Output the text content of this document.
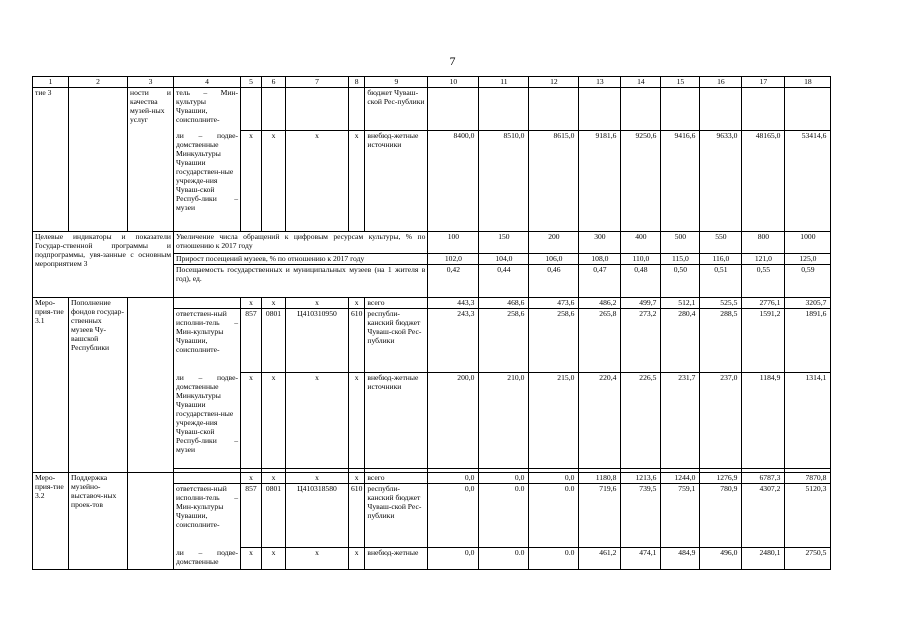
7
1	2	3	4	5	6	7	8	9	10	11	12	13	14	15	16	17	18
тие 3		ности и качества музей-ных услуг	тель – Мин-культуры Чувашии, соисполните-					бюджет Чуваш-ской Рес-публики									
			ли – подве-домственные Минкультуры Чувашии государствен-ные учрежде-ния Чуваш-ской Респуб-лики – музеи	x	x	x	x	внебюд-жетные источники	8400,0	8510,0	8615,0	9181,6	9250,6	9416,6	9633,0	48165,0	53414,6
Целевые индикаторы и показатели Государ-ственной программы и подпрограммы, увя-занные с основным мероприятием 3			Увеличение числа обращений к цифровым ресурсам культуры, % по отношению к 2017 году						100	150	200	300	400	500	550	800	1000
			Прирост посещений музеев, % по отношению к 2017 году						102,0	104,0	106,0	108,0	110,0	115,0	116,0	121,0	125,0
			Посещаемость государственных и муниципальных музеев (на 1 жителя в год), ед.						0,42	0,44	0,46	0,47	0,48	0,50	0,51	0,55	0,59
Меро-прия-тие 3.1	Пополнение фондов государ-ственных музеев Чу-вашской Республики			x	x	x	x	всего	443,3	468,6	473,6	486,2	499,7	512,1	525,5	2776,1	3205,7
			ответствен-ный исполни-тель – Мин-культуры Чувашии, соисполните-	857	0801	Ц410310950	610	республи-канский бюджет Чуваш-ской Рес-публики	243,3	258,6	258,6	265,8	273,2	280,4	288,5	1591,2	1891,6
			ли – подве-домственные Минкультуры Чувашии государствен-ные учрежде-ния Чуваш-ской Респуб-лики – музеи	x	x	x	x	внебюд-жетные источники	200,0	210,0	215,0	220,4	226,5	231,7	237,0	1184,9	1314,1

Меро-прия-тие 3.2	Поддержка музейно-выставоч-ных проек-тов			x	x	x	x	всего	0,0	0,0	0,0	1180,8	1213,6	1244,0	1276,9	6787,3	7870,8
			ответствен-ный исполни-тель – Мин-культуры Чувашии, соисполните-	857	0801	Ц410318580	610	республи-канский бюджет Чуваш-ской Рес-публики	0,0	0.0	0.0	719,6	739,5	759,1	780,9	4307,2	5120,3
			ли – подве-домственные	x	x	x	x	внебюд-жетные	0,0	0.0	0.0	461,2	474,1	484,9	496,0	2480,1	2750,5
